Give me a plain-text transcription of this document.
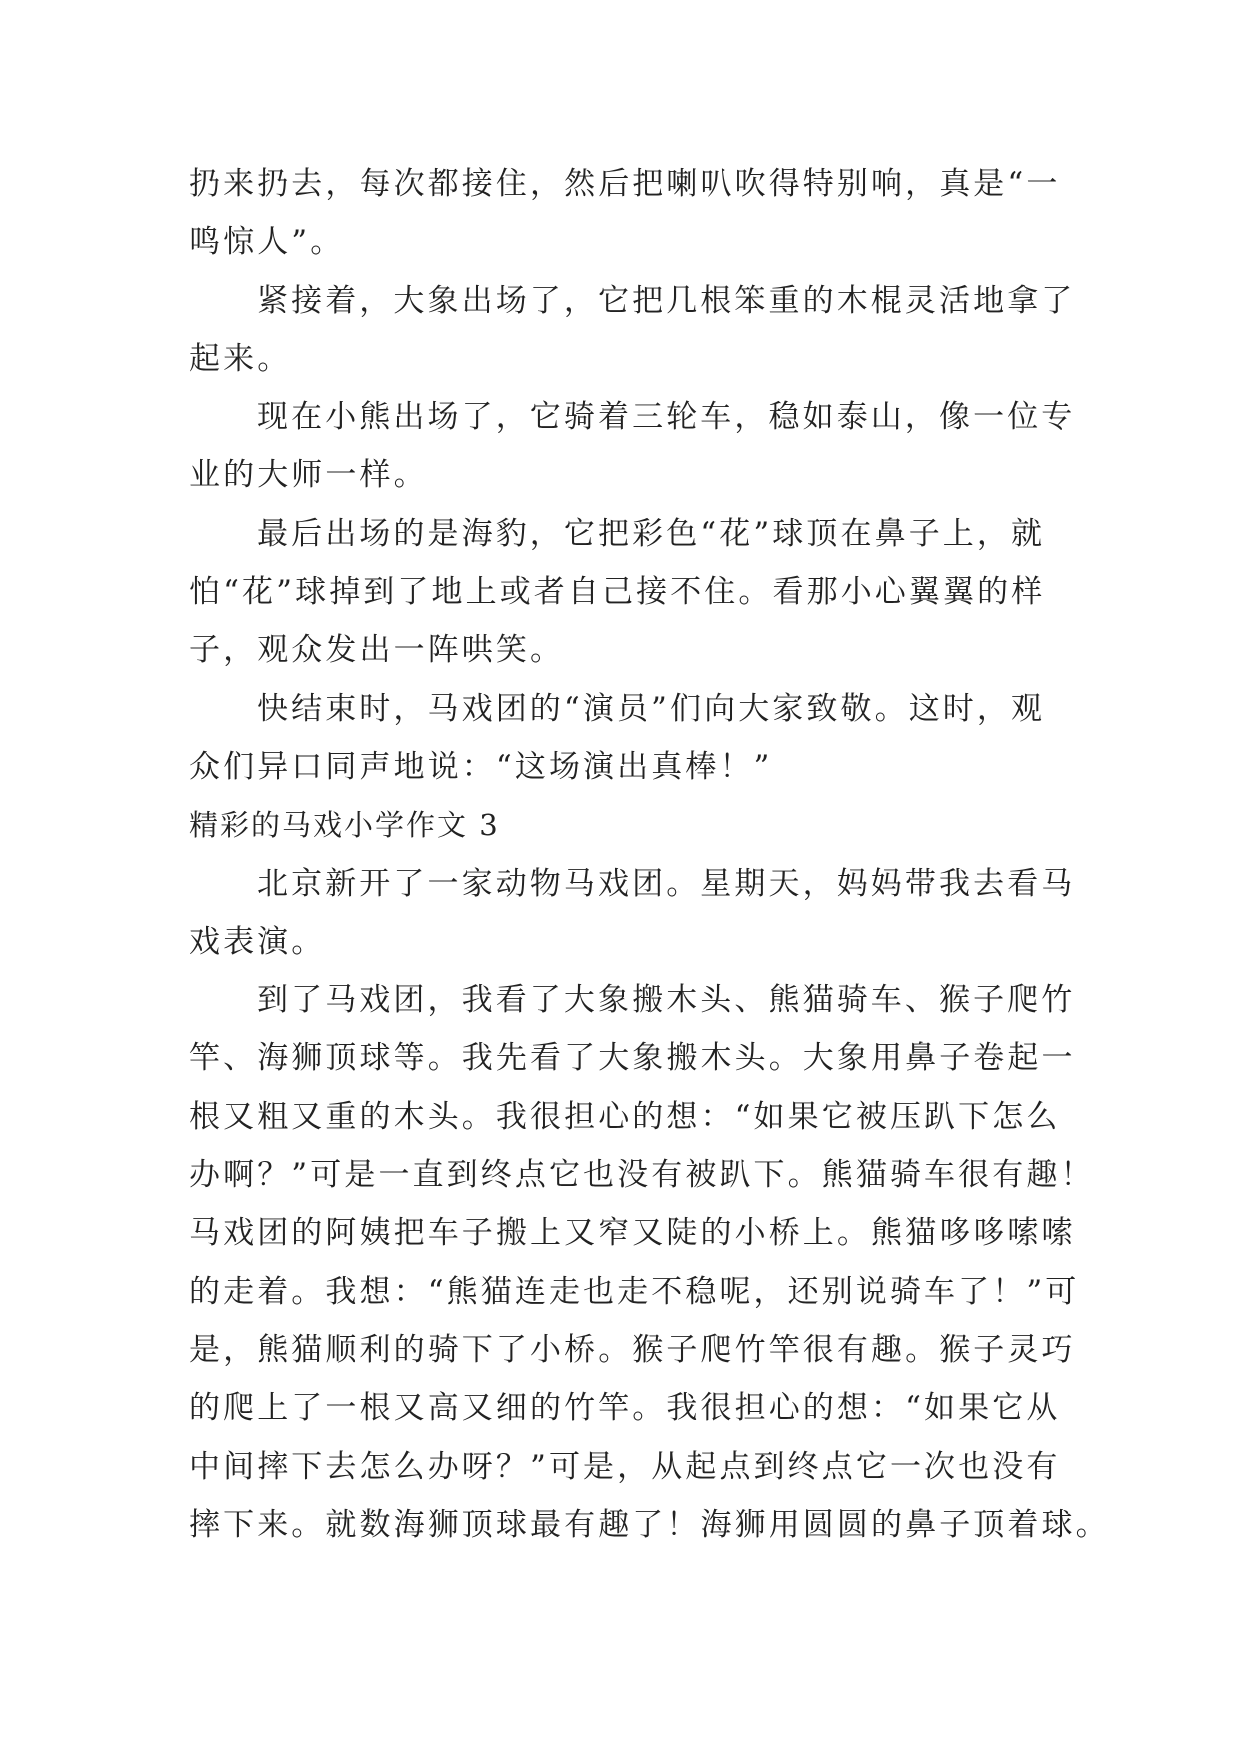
扔来扔去，每次都接住，然后把喇叭吹得特别响，真是“一
鸣惊人”。
紧接着，大象出场了，它把几根笨重的木棍灵活地拿了
起来。
现在小熊出场了，它骑着三轮车，稳如泰山，像一位专
业的大师一样。
最后出场的是海豹，它把彩色“花”球顶在鼻子上，就
怕“花”球掉到了地上或者自己接不住。看那小心翼翼的样
子，观众发出一阵哄笑。
快结束时，马戏团的“演员”们向大家致敬。这时，观
众们异口同声地说：“这场演出真棒！”
精彩的马戏小学作文 3
北京新开了一家动物马戏团。星期天，妈妈带我去看马
戏表演。
到了马戏团，我看了大象搬木头、熊猫骑车、猴子爬竹
竿、海狮顶球等。我先看了大象搬木头。大象用鼻子卷起一
根又粗又重的木头。我很担心的想：“如果它被压趴下怎么
办啊？”可是一直到终点它也没有被趴下。熊猫骑车很有趣！
马戏团的阿姨把车子搬上又窄又陡的小桥上。熊猫哆哆嗦嗦
的走着。我想：“熊猫连走也走不稳呢，还别说骑车了！”可
是，熊猫顺利的骑下了小桥。猴子爬竹竿很有趣。猴子灵巧
的爬上了一根又高又细的竹竿。我很担心的想：“如果它从
中间摔下去怎么办呀？”可是，从起点到终点它一次也没有
摔下来。就数海狮顶球最有趣了！海狮用圆圆的鼻子顶着球。
